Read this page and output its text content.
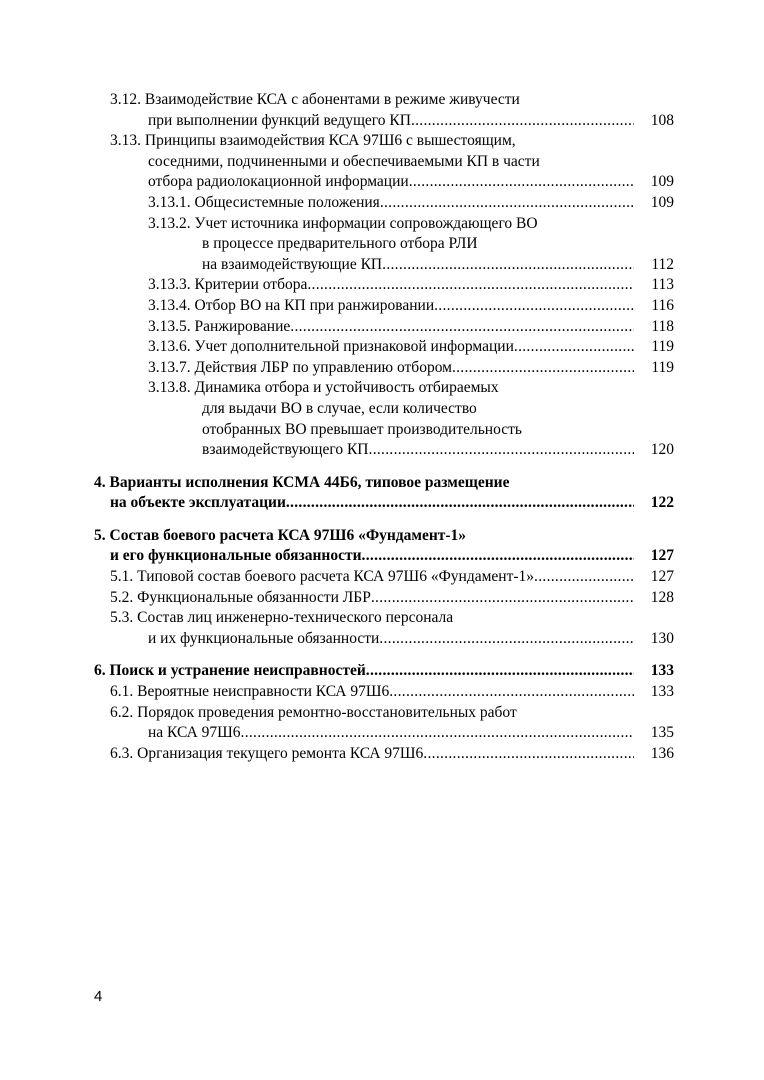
3.12. Взаимодействие КСА с абонентами в режиме живучести
при выполнении функций ведущего КП .....	108
3.13. Принципы взаимодействия КСА 97Ш6 с вышестоящим,
соседними, подчиненными и обеспечиваемыми КП в части
отбора радиолокационной информации .....	109
3.13.1. Общесистемные положения .....	109
3.13.2. Учет источника информации сопровождающего ВО
в процессе предварительного отбора РЛИ
на взаимодействующие КП .....	112
3.13.3. Критерии отбора .....	113
3.13.4. Отбор ВО на КП при ранжировании .....	116
3.13.5. Ранжирование .....	118
3.13.6. Учет дополнительной признаковой информации .....	119
3.13.7. Действия ЛБР по управлению отбором .....	119
3.13.8. Динамика отбора и устойчивость отбираемых
для выдачи ВО в случае, если количество
отобранных ВО превышает производительность
взаимодействующего КП .....	120
4. Варианты исполнения КСМА 44Б6, типовое размещение
на объекте эксплуатации .....	122
5. Состав боевого расчета КСА 97Ш6 «Фундамент-1»
и его функциональные обязанности .....	127
5.1. Типовой состав боевого расчета КСА 97Ш6 «Фундамент-1» .....	127
5.2. Функциональные обязанности ЛБР .....	128
5.3. Состав лиц инженерно-технического персонала
и их функциональные обязанности .....	130
6. Поиск и устранение неисправностей .....	133
6.1. Вероятные неисправности КСА 97Ш6 .....	133
6.2. Порядок проведения ремонтно-восстановительных работ
на КСА 97Ш6 .....	135
6.3. Организация текущего ремонта КСА 97Ш6 .....	136
4
